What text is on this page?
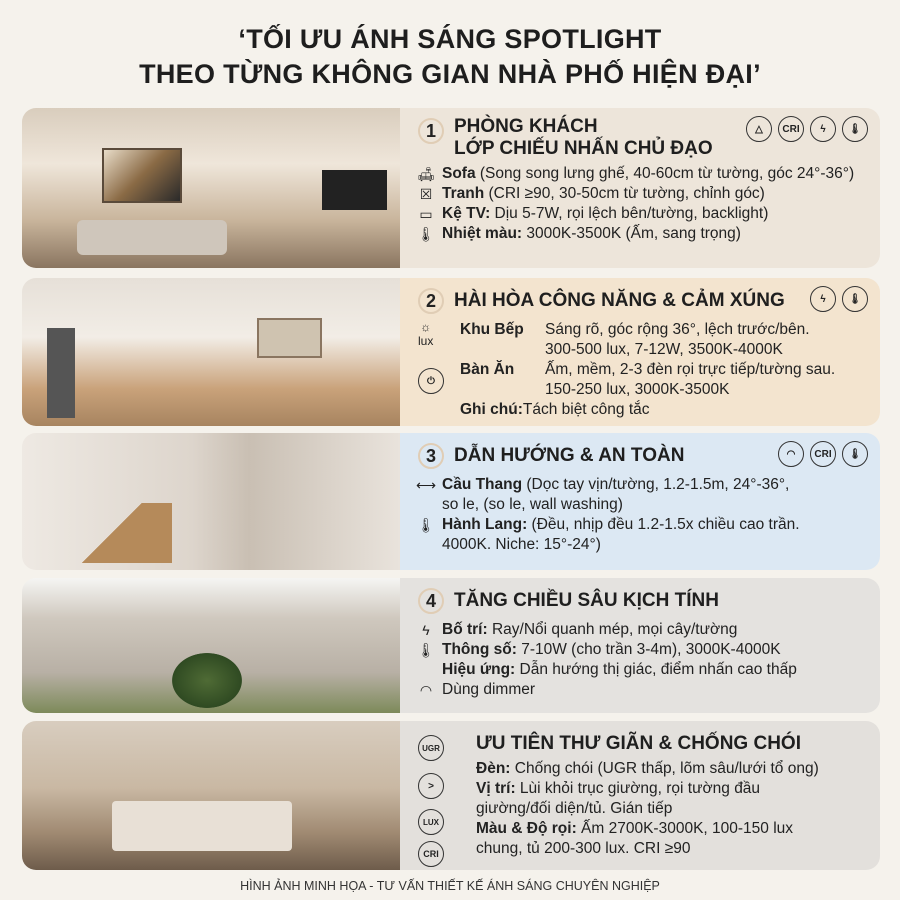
‘TỐI ƯU ÁNH SÁNG SPOTLIGHT
THEO TỪNG KHÔNG GIAN NHÀ PHỐ HIỆN ĐẠI’
1 PHÒNG KHÁCH
LỚP CHIẾU NHẤN CHỦ ĐẠO
△	CRI	ϟ	🌡
🛋 Sofa (Song song lưng ghế, 40-60cm từ tường, góc 24°-36°)
☒ Tranh (CRI ≥90, 30-50cm từ tường, chỉnh góc)
▭ Kệ TV: Dịu 5-7W, rọi lệch bên/tường, backlight)
🌡 Nhiệt màu: 3000K-3500K (Ấm, sang trọng)
2 HÀI HÒA CÔNG NĂNG & CẢM XÚNG	ϟ	🌡
☼
lux
⏻
Khu Bếp	Sáng rõ, góc rộng 36°, lệch trước/bên.
300-500 lux, 7-12W, 3500K-4000K
Bàn Ăn	Ấm, mềm, 2-3 đèn rọi trực tiếp/tường sau.
150-250 lux, 3000K-3500K
Ghi chú: Tách biệt công tắc
3 DẪN HƯỚNG & AN TOÀN	◠	CRI	🌡
⟷ Cầu Thang (Dọc tay vịn/tường, 1.2-1.5m, 24°-36°,
so le, (so le, wall washing)
🌡 Hành Lang: (Đều, nhịp đều 1.2-1.5x chiều cao trần.
4000K. Niche: 15°-24°)
4 TĂNG CHIỀU SÂU KỊCH TÍNH
ϟ Bố trí: Ray/Nổi quanh mép, mọi cây/tường
🌡 Thông số: 7-10W (cho trần 3-4m), 3000K-4000K
Hiệu ứng: Dẫn hướng thị giác, điểm nhấn cao thấp
◠ Dùng dimmer
UGR
>
LUX
CRI
ƯU TIÊN THƯ GIÃN & CHỐNG CHÓI
Đèn: Chống chói (UGR thấp, lõm sâu/lưới tổ ong)
Vị trí: Lùi khỏi trục giường, rọi tường đầu
giường/đối diện/tủ. Gián tiếp
Màu & Độ rọi: Ấm 2700K-3000K, 100-150 lux
chung, tủ 200-300 lux. CRI ≥90
HÌNH ẢNH MINH HỌA - TƯ VẤN THIẾT KẾ ÁNH SÁNG CHUYÊN NGHIỆP
